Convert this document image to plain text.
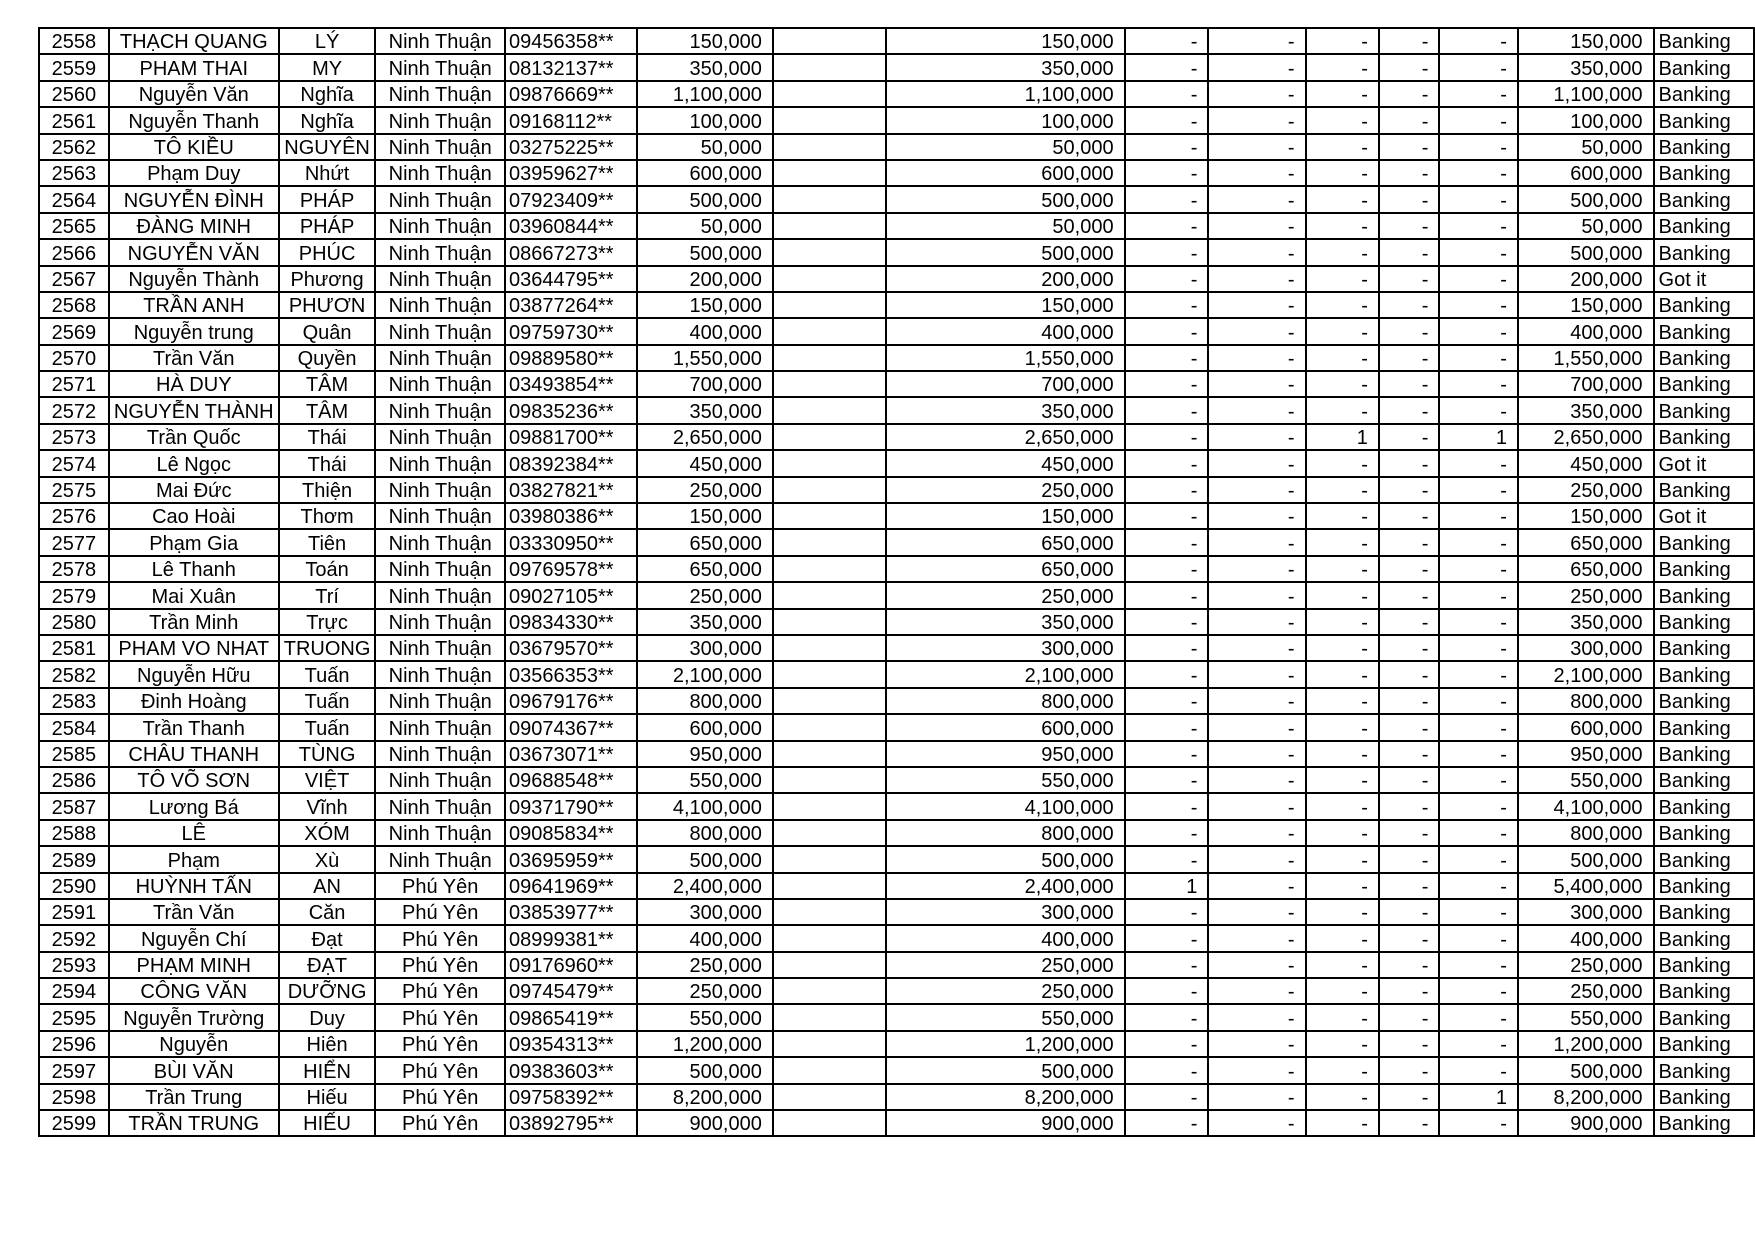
2558	THẠCH QUANG	LÝ	Ninh Thuận	09456358**	150,000		150,000	-	-	-	-	-	150,000	Banking
2559	PHAM THAI	MY	Ninh Thuận	08132137**	350,000		350,000	-	-	-	-	-	350,000	Banking
2560	Nguyễn Văn	Nghĩa	Ninh Thuận	09876669**	1,100,000		1,100,000	-	-	-	-	-	1,100,000	Banking
2561	Nguyễn Thanh	Nghĩa	Ninh Thuận	09168112**	100,000		100,000	-	-	-	-	-	100,000	Banking
2562	TÔ KIỀU	NGUYÊN	Ninh Thuận	03275225**	50,000		50,000	-	-	-	-	-	50,000	Banking
2563	Phạm Duy	Nhứt	Ninh Thuận	03959627**	600,000		600,000	-	-	-	-	-	600,000	Banking
2564	NGUYỄN ĐÌNH	PHÁP	Ninh Thuận	07923409**	500,000		500,000	-	-	-	-	-	500,000	Banking
2565	ĐÀNG MINH	PHÁP	Ninh Thuận	03960844**	50,000		50,000	-	-	-	-	-	50,000	Banking
2566	NGUYỄN VĂN	PHÚC	Ninh Thuận	08667273**	500,000		500,000	-	-	-	-	-	500,000	Banking
2567	Nguyễn Thành	Phương	Ninh Thuận	03644795**	200,000		200,000	-	-	-	-	-	200,000	Got it
2568	TRẦN ANH	PHƯƠN	Ninh Thuận	03877264**	150,000		150,000	-	-	-	-	-	150,000	Banking
2569	Nguyễn trung	Quân	Ninh Thuận	09759730**	400,000		400,000	-	-	-	-	-	400,000	Banking
2570	Trần Văn	Quyền	Ninh Thuận	09889580**	1,550,000		1,550,000	-	-	-	-	-	1,550,000	Banking
2571	HÀ DUY	TÂM	Ninh Thuận	03493854**	700,000		700,000	-	-	-	-	-	700,000	Banking
2572	NGUYỄN THÀNH	TÂM	Ninh Thuận	09835236**	350,000		350,000	-	-	-	-	-	350,000	Banking
2573	Trần Quốc	Thái	Ninh Thuận	09881700**	2,650,000		2,650,000	-	-	1	-	1	2,650,000	Banking
2574	Lê Ngọc	Thái	Ninh Thuận	08392384**	450,000		450,000	-	-	-	-	-	450,000	Got it
2575	Mai Đức	Thiện	Ninh Thuận	03827821**	250,000		250,000	-	-	-	-	-	250,000	Banking
2576	Cao Hoài	Thơm	Ninh Thuận	03980386**	150,000		150,000	-	-	-	-	-	150,000	Got it
2577	Phạm Gia	Tiên	Ninh Thuận	03330950**	650,000		650,000	-	-	-	-	-	650,000	Banking
2578	Lê Thanh	Toán	Ninh Thuận	09769578**	650,000		650,000	-	-	-	-	-	650,000	Banking
2579	Mai Xuân	Trí	Ninh Thuận	09027105**	250,000		250,000	-	-	-	-	-	250,000	Banking
2580	Trần Minh	Trực	Ninh Thuận	09834330**	350,000		350,000	-	-	-	-	-	350,000	Banking
2581	PHAM VO NHAT	TRUONG	Ninh Thuận	03679570**	300,000		300,000	-	-	-	-	-	300,000	Banking
2582	Nguyễn Hữu	Tuấn	Ninh Thuận	03566353**	2,100,000		2,100,000	-	-	-	-	-	2,100,000	Banking
2583	Đinh Hoàng	Tuấn	Ninh Thuận	09679176**	800,000		800,000	-	-	-	-	-	800,000	Banking
2584	Trần Thanh	Tuấn	Ninh Thuận	09074367**	600,000		600,000	-	-	-	-	-	600,000	Banking
2585	CHÂU THANH	TÙNG	Ninh Thuận	03673071**	950,000		950,000	-	-	-	-	-	950,000	Banking
2586	TÔ VÕ SƠN	VIỆT	Ninh Thuận	09688548**	550,000		550,000	-	-	-	-	-	550,000	Banking
2587	Lương Bá	Vĩnh	Ninh Thuận	09371790**	4,100,000		4,100,000	-	-	-	-	-	4,100,000	Banking
2588	LÊ	XÓM	Ninh Thuận	09085834**	800,000		800,000	-	-	-	-	-	800,000	Banking
2589	Phạm	Xù	Ninh Thuận	03695959**	500,000		500,000	-	-	-	-	-	500,000	Banking
2590	HUỲNH TẤN	AN	Phú Yên	09641969**	2,400,000		2,400,000	1	-	-	-	-	5,400,000	Banking
2591	Trần Văn	Căn	Phú Yên	03853977**	300,000		300,000	-	-	-	-	-	300,000	Banking
2592	Nguyễn Chí	Đạt	Phú Yên	08999381**	400,000		400,000	-	-	-	-	-	400,000	Banking
2593	PHẠM MINH	ĐẠT	Phú Yên	09176960**	250,000		250,000	-	-	-	-	-	250,000	Banking
2594	CÔNG VĂN	DƯỠNG	Phú Yên	09745479**	250,000		250,000	-	-	-	-	-	250,000	Banking
2595	Nguyễn Trường	Duy	Phú Yên	09865419**	550,000		550,000	-	-	-	-	-	550,000	Banking
2596	Nguyễn	Hiên	Phú Yên	09354313**	1,200,000		1,200,000	-	-	-	-	-	1,200,000	Banking
2597	BÙI VĂN	HIỂN	Phú Yên	09383603**	500,000		500,000	-	-	-	-	-	500,000	Banking
2598	Trần Trung	Hiếu	Phú Yên	09758392**	8,200,000		8,200,000	-	-	-	-	1	8,200,000	Banking
2599	TRẦN TRUNG	HIẾU	Phú Yên	03892795**	900,000		900,000	-	-	-	-	-	900,000	Banking
